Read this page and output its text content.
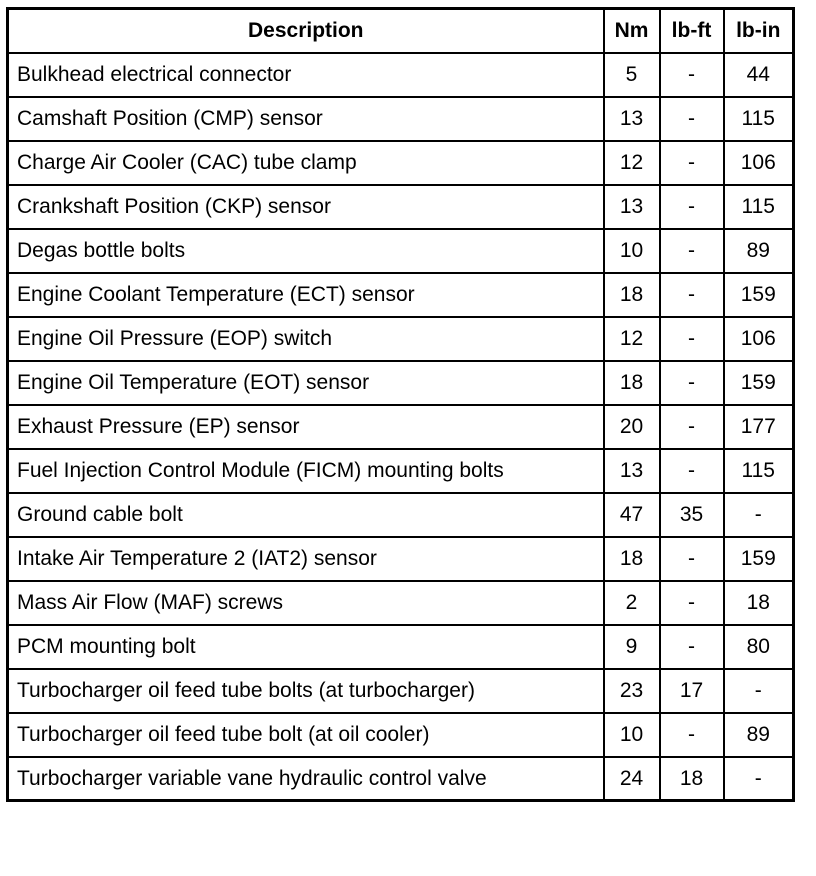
Description	Nm	lb-ft	lb-in
Bulkhead electrical connector	5	-	44
Camshaft Position (CMP) sensor	13	-	115
Charge Air Cooler (CAC) tube clamp	12	-	106
Crankshaft Position (CKP) sensor	13	-	115
Degas bottle bolts	10	-	89
Engine Coolant Temperature (ECT) sensor	18	-	159
Engine Oil Pressure (EOP) switch	12	-	106
Engine Oil Temperature (EOT) sensor	18	-	159
Exhaust Pressure (EP) sensor	20	-	177
Fuel Injection Control Module (FICM) mounting bolts	13	-	115
Ground cable bolt	47	35	-
Intake Air Temperature 2 (IAT2) sensor	18	-	159
Mass Air Flow (MAF) screws	2	-	18
PCM mounting bolt	9	-	80
Turbocharger oil feed tube bolts (at turbocharger)	23	17	-
Turbocharger oil feed tube bolt (at oil cooler)	10	-	89
Turbocharger variable vane hydraulic control valve	24	18	-
